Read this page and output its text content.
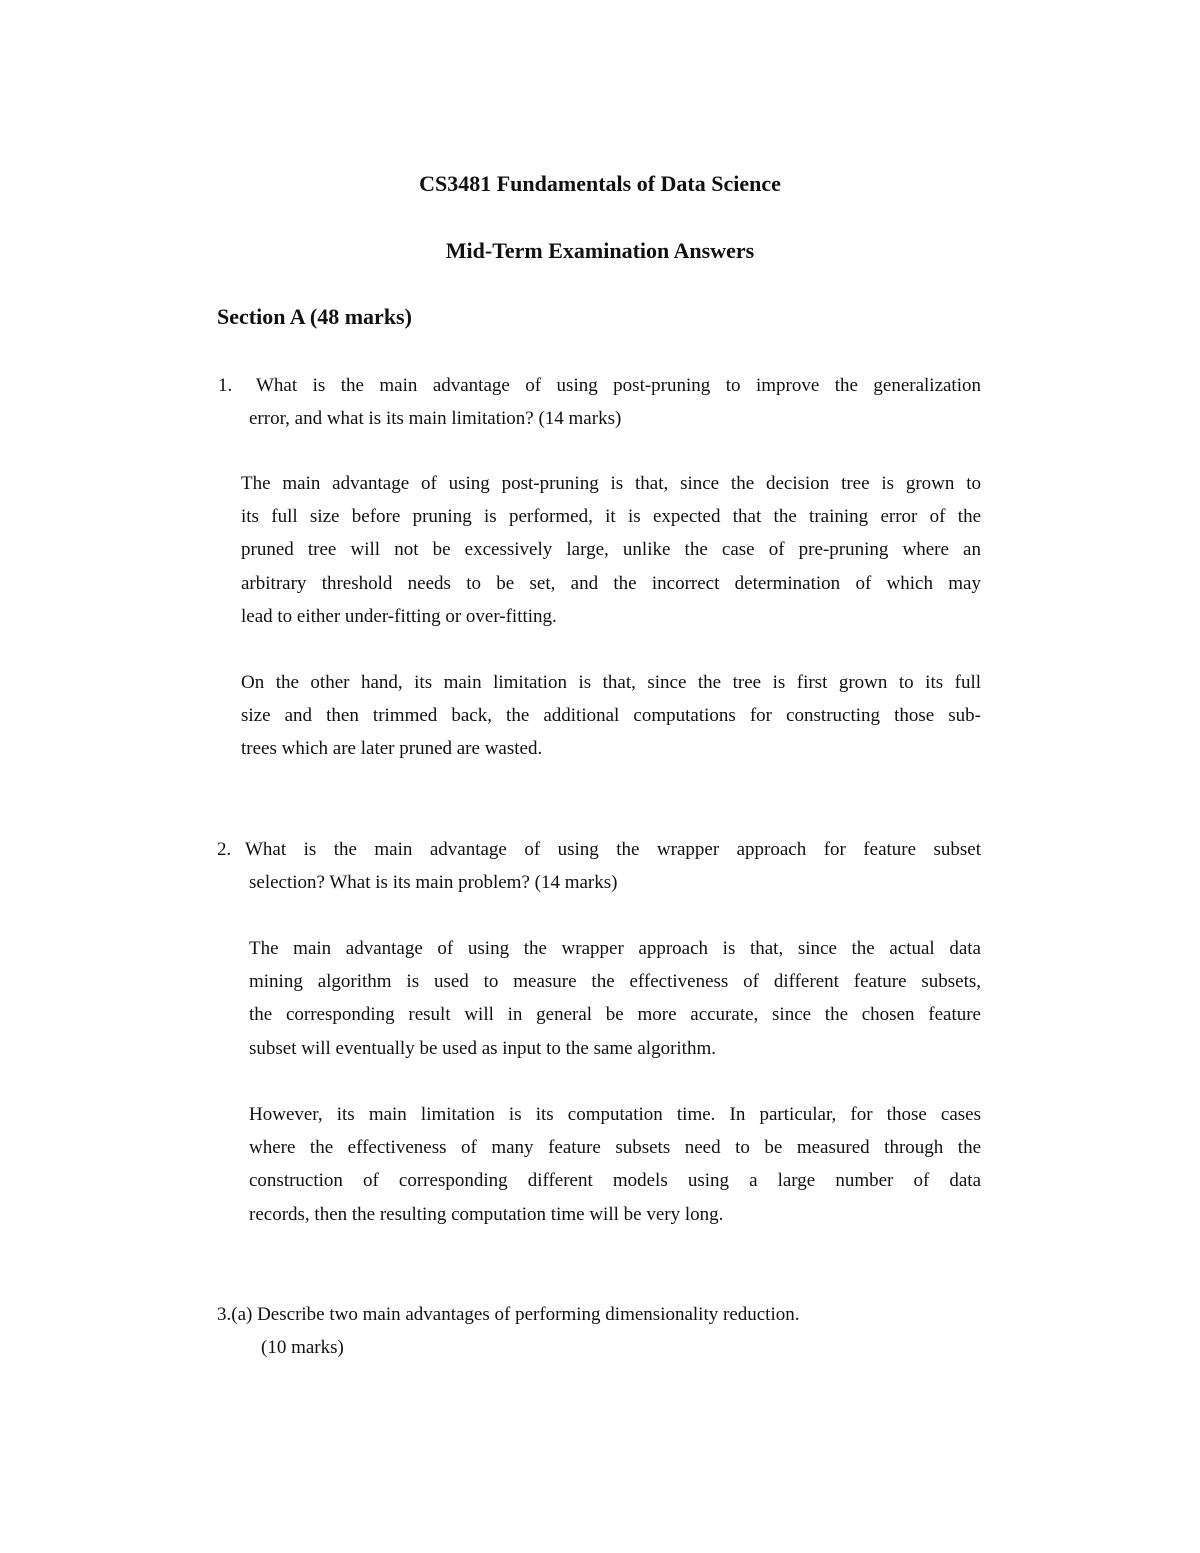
CS3481 Fundamentals of Data Science
Mid-Term Examination Answers
Section A (48 marks)

1. What is the main advantage of using post-pruning to improve the generalization

error, and what is its main limitation? (14 marks)

The main advantage of using post-pruning is that, since the decision tree is grown to
its full size before pruning is performed, it is expected that the training error of the
pruned tree will not be excessively large, unlike the case of pre-pruning where an
arbitrary threshold needs to be set, and the incorrect determination of which may
lead to either under-fitting or over-fitting.
On the other hand, its main limitation is that, since the tree is first grown to its full
size and then trimmed back, the additional computations for constructing those sub-
trees which are later pruned are wasted.

2. What is the main advantage of using the wrapper approach for feature subset

selection? What is its main problem? (14 marks)

The main advantage of using the wrapper approach is that, since the actual data
mining algorithm is used to measure the effectiveness of different feature subsets,
the corresponding result will in general be more accurate, since the chosen feature
subset will eventually be used as input to the same algorithm.
However, its main limitation is its computation time. In particular, for those cases
where the effectiveness of many feature subsets need to be measured through the
construction of corresponding different models using a large number of data
records, then the resulting computation time will be very long.

3.(a) Describe two main advantages of performing dimensionality reduction.

(10 marks)
